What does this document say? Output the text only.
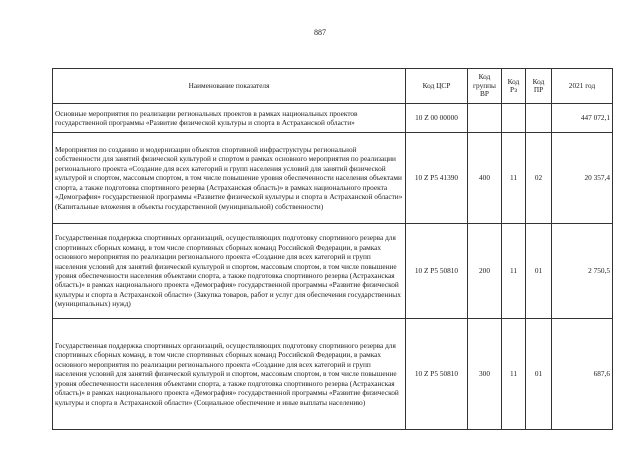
887
Наименование показателя	Код ЦСР	Код группы ВР	Код Рз	Код ПР	2021 год
Основные мероприятия по реализации региональных проектов в рамках национальных проектов государственной программы «Развитие физической культуры и спорта в Астраханской области»	10 Z 00 00000				447 072,1
Мероприятия по созданию и модернизации объектов спортивной инфраструктуры региональной собственности для занятий физической культурой и спортом в рамках основного мероприятия по реализации регионального проекта «Создание для всех категорий и групп населения условий для занятий физической культурой и спортом, массовым спортом, в том числе повышение уровня обеспеченности населения объектами спорта, а также подготовка спортивного резерва (Астраханская область)» в рамках национального проекта «Демография» государственной программы «Развитие физической культуры и спорта в Астраханской области» (Капитальные вложения в объекты государственной (муниципальной) собственности)	10 Z P5 41390	400	11	02	20 357,4
Государственная поддержка спортивных организаций, осуществляющих подготовку спортивного резерва для спортивных сборных команд, в том числе спортивных сборных команд Российской Федерации, в рамках основного мероприятия по реализации регионального проекта «Создание для всех категорий и групп населения условий для занятий физической культурой и спортом, массовым спортом, в том числе повышение уровня обеспеченности населения объектами спорта, а также подготовка спортивного резерва (Астраханская область)» в рамках национального проекта «Демография» государственной программы «Развитие физической культуры и спорта в Астраханской области» (Закупка товаров, работ и услуг для обеспечения государственных (муниципальных) нужд)	10 Z P5 50810	200	11	01	2 750,5
Государственная поддержка спортивных организаций, осуществляющих подготовку спортивного резерва для спортивных сборных команд, в том числе спортивных сборных команд Российской Федерации, в рамках основного мероприятия по реализации регионального проекта «Создание для всех категорий и групп населения условий для занятий физической культурой и спортом, массовым спортом, в том числе повышение уровня обеспеченности населения объектами спорта, а также подготовка спортивного резерва (Астраханская область)» в рамках национального проекта «Демография» государственной программы «Развитие физической культуры и спорта в Астраханской области» (Социальное обеспечение и иные выплаты населению)	10 Z P5 50810	300	11	01	687,6
